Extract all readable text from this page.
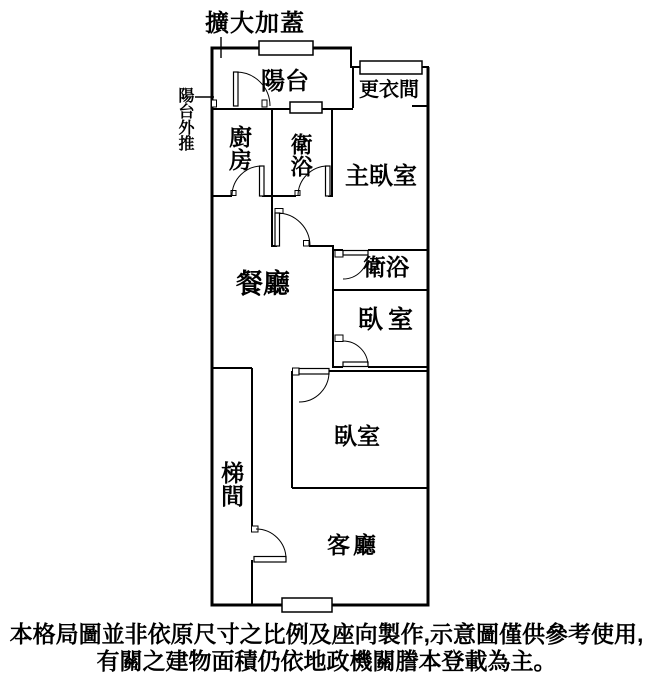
擴大加蓋
陽台外推
陽台	更衣間
廚房 衛浴 主臥室
餐廳
衛浴
臥室
臥室
梯間
客廳
本格局圖並非依原尺寸之比例及座向製作,示意圖僅供參考使用,
有關之建物面積仍依地政機關謄本登載為主。
